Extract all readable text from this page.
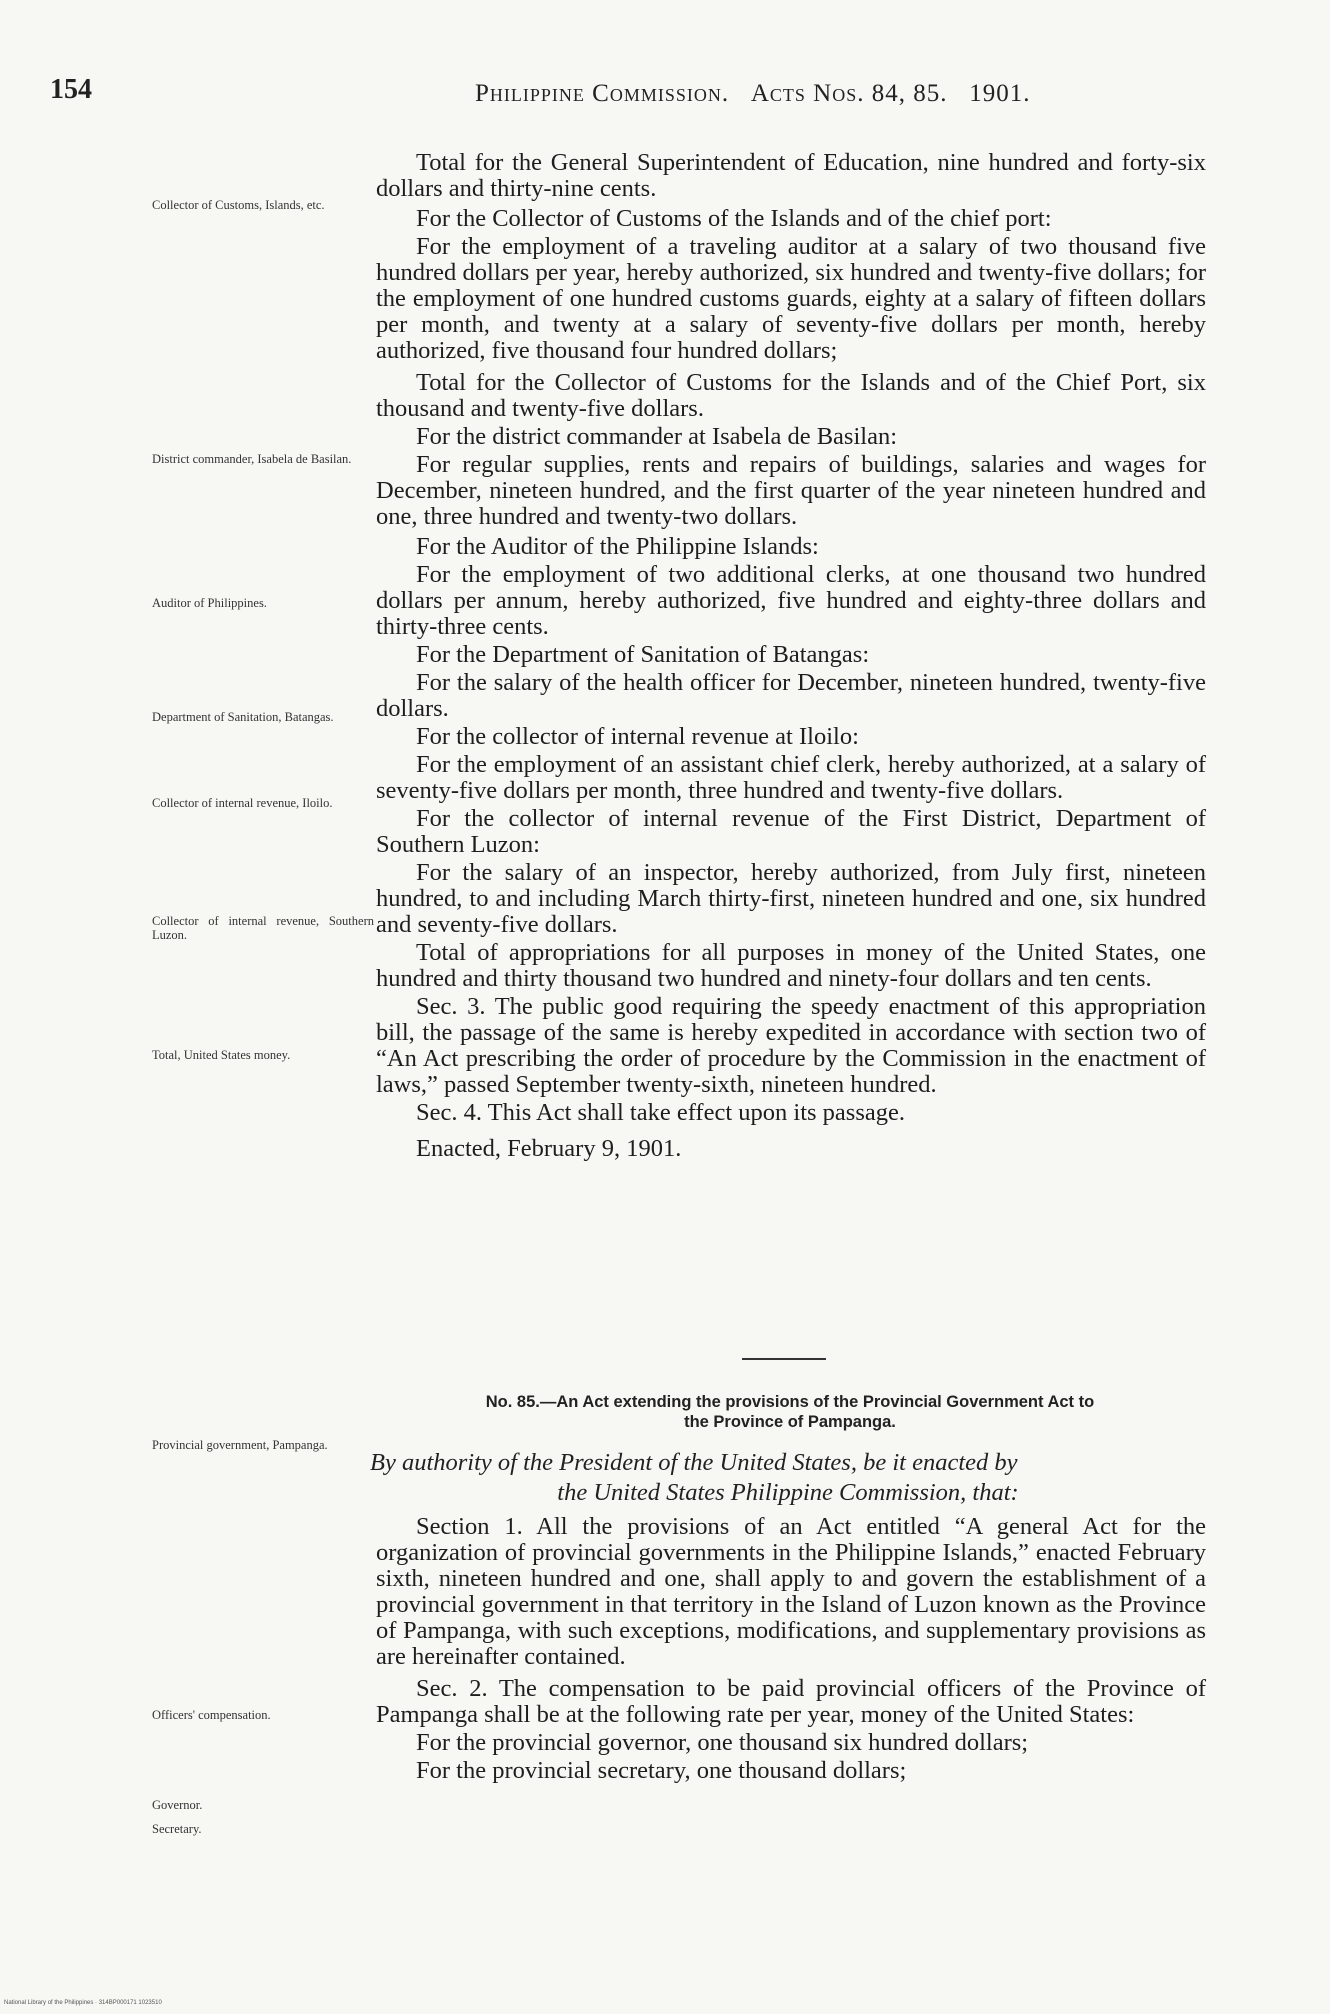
154	Philippine Commission. Acts Nos. 84, 85. 1901.

Collector of Customs, Islands, etc.

District commander, Isabela de Basilan.

Auditor of Philippines.

Department of Sanitation, Batangas.

Collector of internal revenue, Iloilo.

Collector of internal revenue, Southern Luzon.

Total, United States money.

Provincial government, Pampanga.

Officers' compensation.

Governor.

Secretary.

Total for the General Superintendent of Education, nine hundred and forty-six dollars and thirty-nine cents.

For the Collector of Customs of the Islands and of the chief port:

For the employment of a traveling auditor at a salary of two thousand five hundred dollars per year, hereby authorized, six hundred and twenty-five dollars; for the employment of one hundred customs guards, eighty at a salary of fifteen dollars per month, and twenty at a salary of seventy-five dollars per month, hereby authorized, five thousand four hundred dollars;

Total for the Collector of Customs for the Islands and of the Chief Port, six thousand and twenty-five dollars.

For the district commander at Isabela de Basilan:

For regular supplies, rents and repairs of buildings, salaries and wages for December, nineteen hundred, and the first quarter of the year nineteen hundred and one, three hundred and twenty-two dollars.

For the Auditor of the Philippine Islands:

For the employment of two additional clerks, at one thousand two hundred dollars per annum, hereby authorized, five hundred and eighty-three dollars and thirty-three cents.

For the Department of Sanitation of Batangas:

For the salary of the health officer for December, nineteen hundred, twenty-five dollars.

For the collector of internal revenue at Iloilo:

For the employment of an assistant chief clerk, hereby authorized, at a salary of seventy-five dollars per month, three hundred and twenty-five dollars.

For the collector of internal revenue of the First District, Department of Southern Luzon:

For the salary of an inspector, hereby authorized, from July first, nineteen hundred, to and including March thirty-first, nineteen hundred and one, six hundred and seventy-five dollars.

Total of appropriations for all purposes in money of the United States, one hundred and thirty thousand two hundred and ninety-four dollars and ten cents.

Sec. 3. The public good requiring the speedy enactment of this appropriation bill, the passage of the same is hereby expedited in accordance with section two of “An Act prescribing the order of procedure by the Commission in the enactment of laws,” passed September twenty-sixth, nineteen hundred.

Sec. 4. This Act shall take effect upon its passage.

Enacted, February 9, 1901.

No. 85.—An Act extending the provisions of the Provincial Government Act to
the Province of Pampanga.
By authority of the President of the United States, be it enacted by
the United States Philippine Commission, that:

Section 1. All the provisions of an Act entitled “A general Act for the organization of provincial governments in the Philippine Islands,” enacted February sixth, nineteen hundred and one, shall apply to and govern the establishment of a provincial government in that territory in the Island of Luzon known as the Province of Pampanga, with such exceptions, modifications, and supplementary provisions as are hereinafter contained.

Sec. 2. The compensation to be paid provincial officers of the Province of Pampanga shall be at the following rate per year, money of the United States:

For the provincial governor, one thousand six hundred dollars;

For the provincial secretary, one thousand dollars;

National Library of the Philippines · 314BP000171 1023510
